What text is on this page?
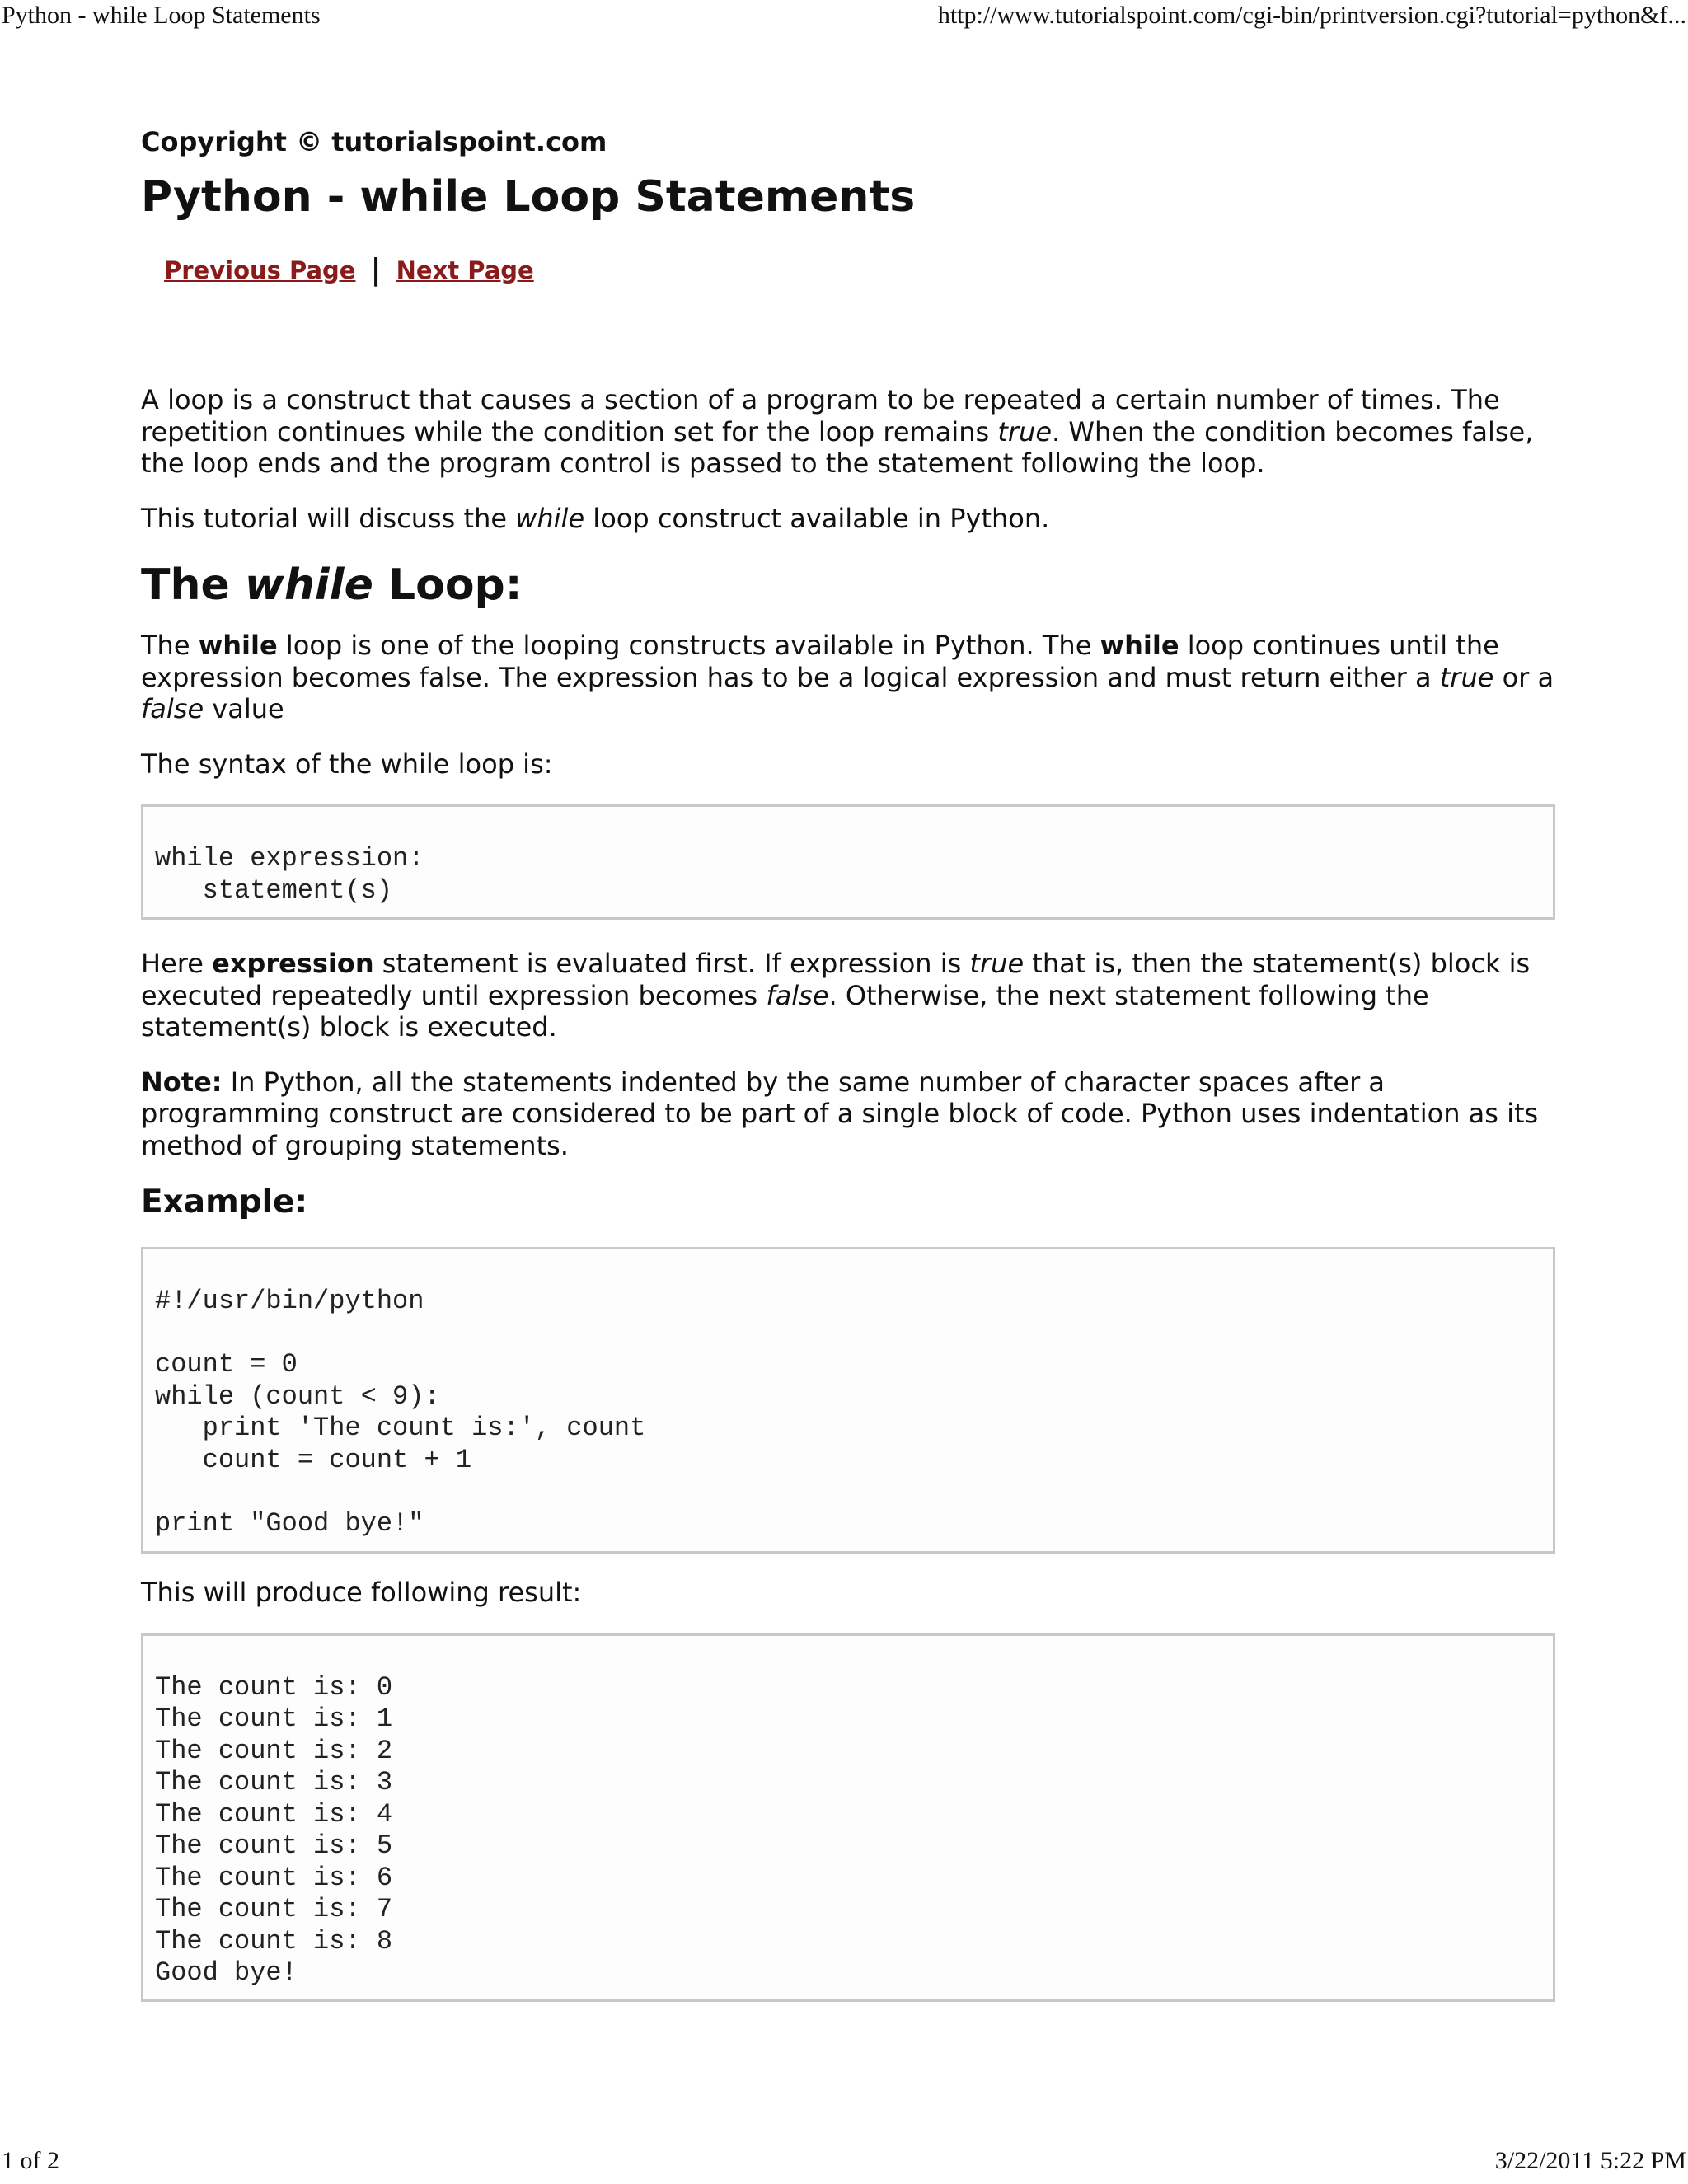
Python - while Loop Statements	http://www.tutorialspoint.com/cgi-bin/printversion.cgi?tutorial=python&f...
Copyright © tutorialspoint.com
Python - while Loop Statements
Previous Page | Next Page

A loop is a construct that causes a section of a program to be repeated a certain number of times. The repetition continues while the condition set for the loop remains true. When the condition becomes false, the loop ends and the program control is passed to the statement following the loop.

This tutorial will discuss the while loop construct available in Python.

The while Loop:

The while loop is one of the looping constructs available in Python. The while loop continues until the expression becomes false. The expression has to be a logical expression and must return either a true or a false value

The syntax of the while loop is:

while expression:
statement(s)

Here expression statement is evaluated first. If expression is true that is, then the statement(s) block is executed repeatedly until expression becomes false. Otherwise, the next statement following the statement(s) block is executed.

Note: In Python, all the statements indented by the same number of character spaces after a programming construct are considered to be part of a single block of code. Python uses indentation as its method of grouping statements.

Example:
#!/usr/bin/python

count = 0
while (count < 9):
print 'The count is:', count
count = count + 1

print "Good bye!"

This will produce following result:

The count is: 0
The count is: 1
The count is: 2
The count is: 3
The count is: 4
The count is: 5
The count is: 6
The count is: 7
The count is: 8
Good bye!
1 of 2	3/22/2011 5:22 PM
